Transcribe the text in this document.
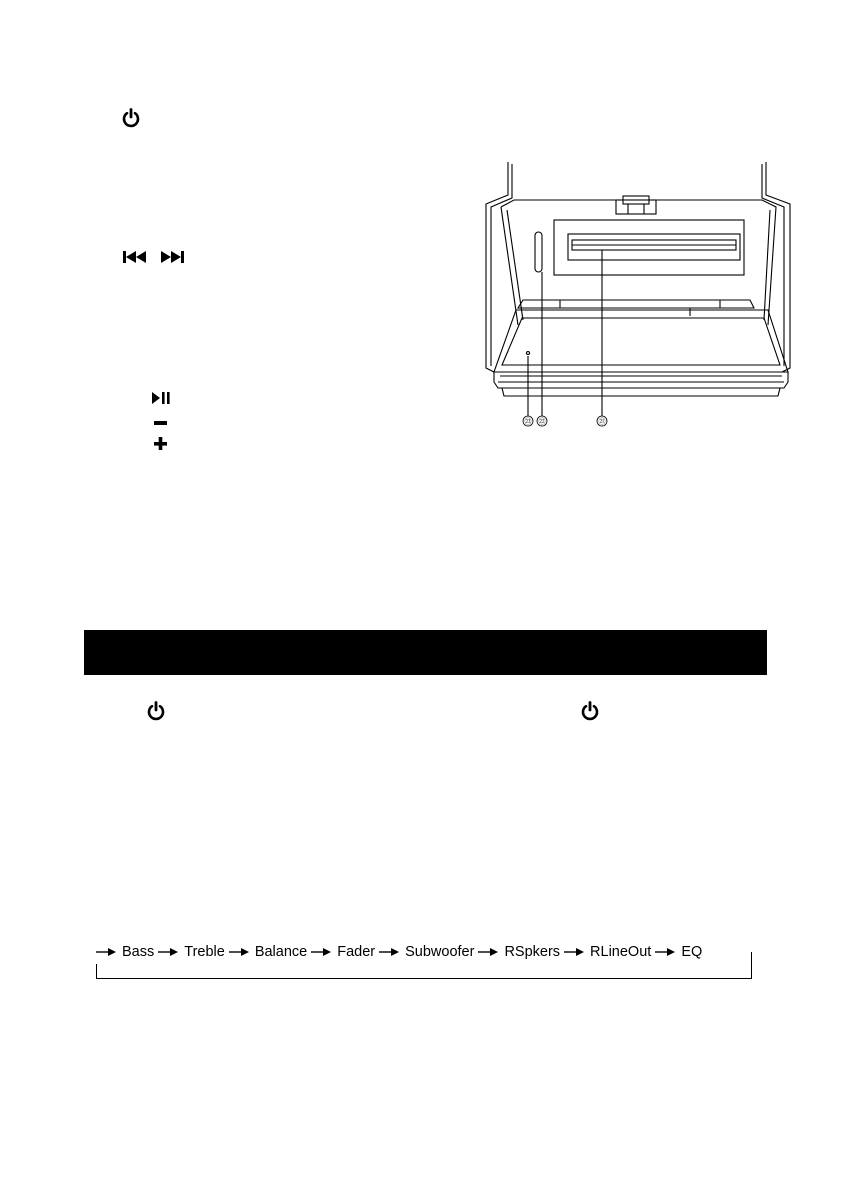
㉓ ㉒	㉑
Bass Treble Balance Fader Subwoofer RSpkers RLineOut EQ
